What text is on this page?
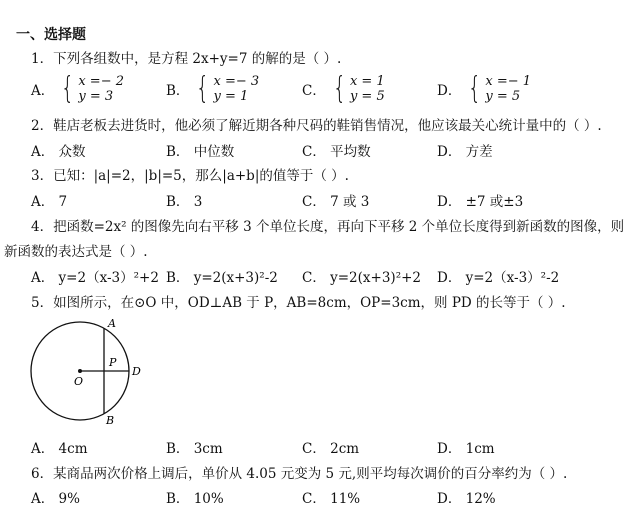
一、选择题
1．下列各组数中，是方程 2x+y=7 的解的是（ ）.
A． { x =− 2
y = 3	B． { x =− 3
y = 1	C． { x = 1
y = 5	D． { x =− 1
y = 5
2．鞋店老板去进货时，他必须了解近期各种尺码的鞋销售情况，他应该最关心统计量中的（ ）.
A． 众数	B． 中位数	C． 平均数	D． 方差
3．已知：|a|=2，|b|=5，那么|a+b|的值等于（ ）.
A． 7	B． 3	C． 7 或 3	D． ±7 或±3
4．把函数=2x² 的图像先向右平移 3 个单位长度，再向下平移 2 个单位长度得到新函数的图像，则
新函数的表达式是（ ）.
A． y=2（x-3）²+2 B． y=2(x+3)²-2 C． y=2(x+3)²+2 D． y=2（x-3）²-2
5．如图所示，在⊙O 中，OD⊥AB 于 P，AB=8cm，OP=3cm，则 PD 的长等于（ ）.
A
B
O
P
D
A． 4cm	B． 3cm	C． 2cm	D． 1cm
6．某商品两次价格上调后，单价从 4.05 元变为 5 元,则平均每次调价的百分率约为（ ）.
A． 9%	B． 10%	C． 11%	D． 12%
